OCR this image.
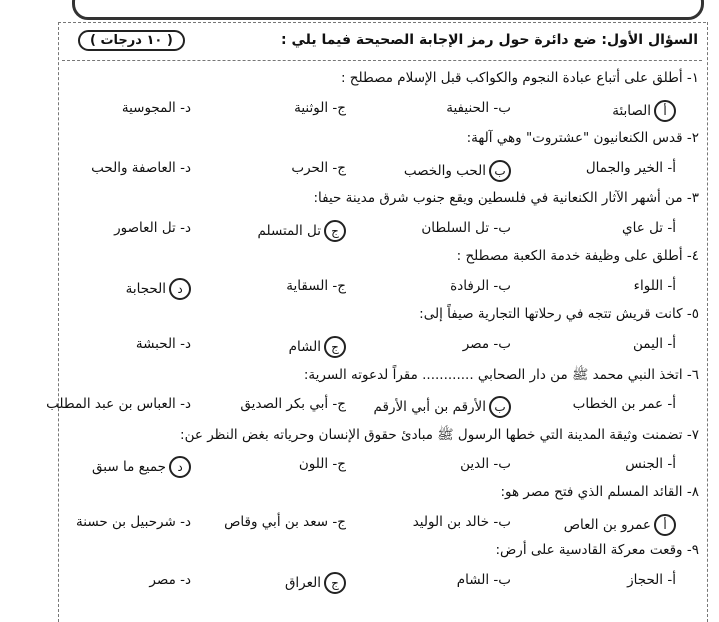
السؤال الأول: ضع دائرة حول رمز الإجابة الصحيحة فيما يلي :
( ١٠ درجات )
١- أطلق على أتباع عبادة النجوم والكواكب قبل الإسلام مصطلح :
أالصابئة
ب- الحنيفية
ج- الوثنية
د- المجوسية
٢- قدس الكنعانيون "عشتروت" وهي آلهة:
أ- الخير والجمال
بالحب والخصب
ج- الحرب
د- العاصفة والحب
٣- من أشهر الآثار الكنعانية في فلسطين ويقع جنوب شرق مدينة حيفا:
أ- تل عاي
ب- تل السلطان
جتل المتسلم
د- تل العاصور
٤- أطلق على وظيفة خدمة الكعبة مصطلح :
أ- اللواء
ب- الرفادة
ج- السقاية
دالحجابة
٥- كانت قريش تتجه في رحلاتها التجارية صيفاً إلى:
أ- اليمن
ب- مصر
جالشام
د- الحبشة
٦- اتخذ النبي محمد ﷺ من دار الصحابي ............ مقراً لدعوته السرية:
أ- عمر بن الخطاب
بالأرقم بن أبي الأرقم
ج- أبي بكر الصديق
د- العباس بن عبد المطلب
٧- تضمنت وثيقة المدينة التي خطها الرسول ﷺ مبادئ حقوق الإنسان وحرياته بغض النظر عن:
أ- الجنس
ب- الدين
ج- اللون
دجميع ما سبق
٨- القائد المسلم الذي فتح مصر هو:
أعمرو بن العاص
ب- خالد بن الوليد
ج- سعد بن أبي وقاص
د- شرحبيل بن حسنة
٩- وقعت معركة القادسية على أرض:
أ- الحجاز
ب- الشام
جالعراق
د- مصر
